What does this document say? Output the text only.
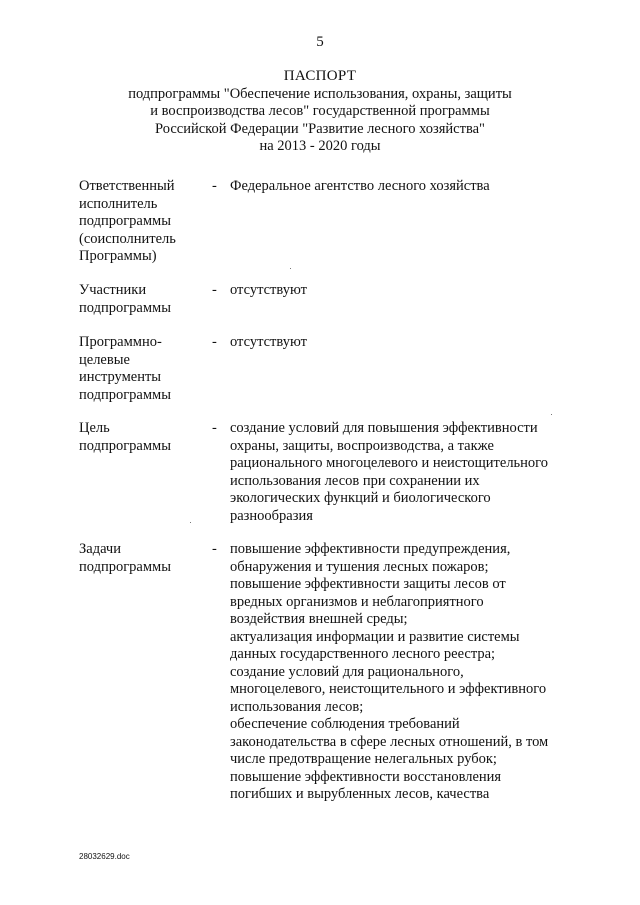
5
ПАСПОРТ
подпрограммы "Обеспечение использования, охраны, защиты
и воспроизводства лесов" государственной программы
Российской Федерации "Развитие лесного хозяйства"
на 2013 - 2020 годы
Ответственный
исполнитель
подпрограммы
(соисполнитель
Программы)
- Федеральное агентство лесного хозяйства
Участники
подпрограммы
- отсутствуют
Программно-
целевые
инструменты
подпрограммы
- отсутствуют
Цель
подпрограммы
- создание условий для повышения эффективности
охраны, защиты, воспроизводства, а также
рационального многоцелевого и неистощительного
использования лесов при сохранении их
экологических функций и биологического
разнообразия
Задачи
подпрограммы
- повышение эффективности предупреждения,
обнаружения и тушения лесных пожаров;
повышение эффективности защиты лесов от
вредных организмов и неблагоприятного
воздействия внешней среды;
актуализация информации и развитие системы
данных государственного лесного реестра;
создание условий для рационального,
многоцелевого, неистощительного и эффективного
использования лесов;
обеспечение соблюдения требований
законодательства в сфере лесных отношений, в том
числе предотвращение нелегальных рубок;
повышение эффективности восстановления
погибших и вырубленных лесов, качества
28032629.doc
